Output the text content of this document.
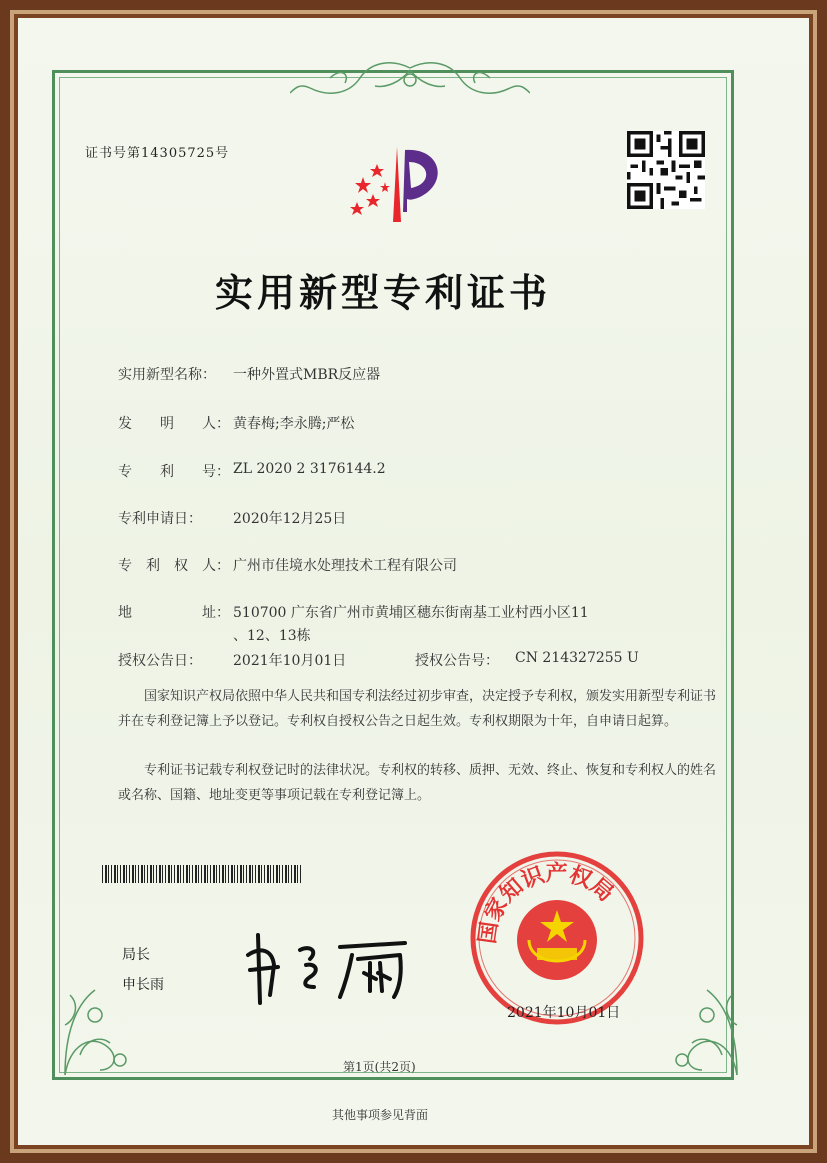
证书号第14305725号
实用新型专利证书
实用新型名称： 一种外置式MBR反应器
发　　明　　人： 黄春梅;李永腾;严松
专　　利　　号： ZL 2020 2 3176144.2
专利申请日： 2020年12月25日
专　利　权　人： 广州市佳境水处理技术工程有限公司
地　　　　　址： 510700 广东省广州市黄埔区穗东街南基工业村西小区11
、12、13栋
授权公告日： 2021年10月01日	授权公告号： CN 214327255 U
国家知识产权局依照中华人民共和国专利法经过初步审查，决定授予专利权，颁发实用新型专利证书并在专利登记簿上予以登记。专利权自授权公告之日起生效。专利权期限为十年，自申请日起算。
专利证书记载专利权登记时的法律状况。专利权的转移、质押、无效、终止、恢复和专利权人的姓名或名称、国籍、地址变更等事项记载在专利登记簿上。
局长
申长雨
国家知识产权局
2021年10月01日
第1页(共2页)
其他事项参见背面
